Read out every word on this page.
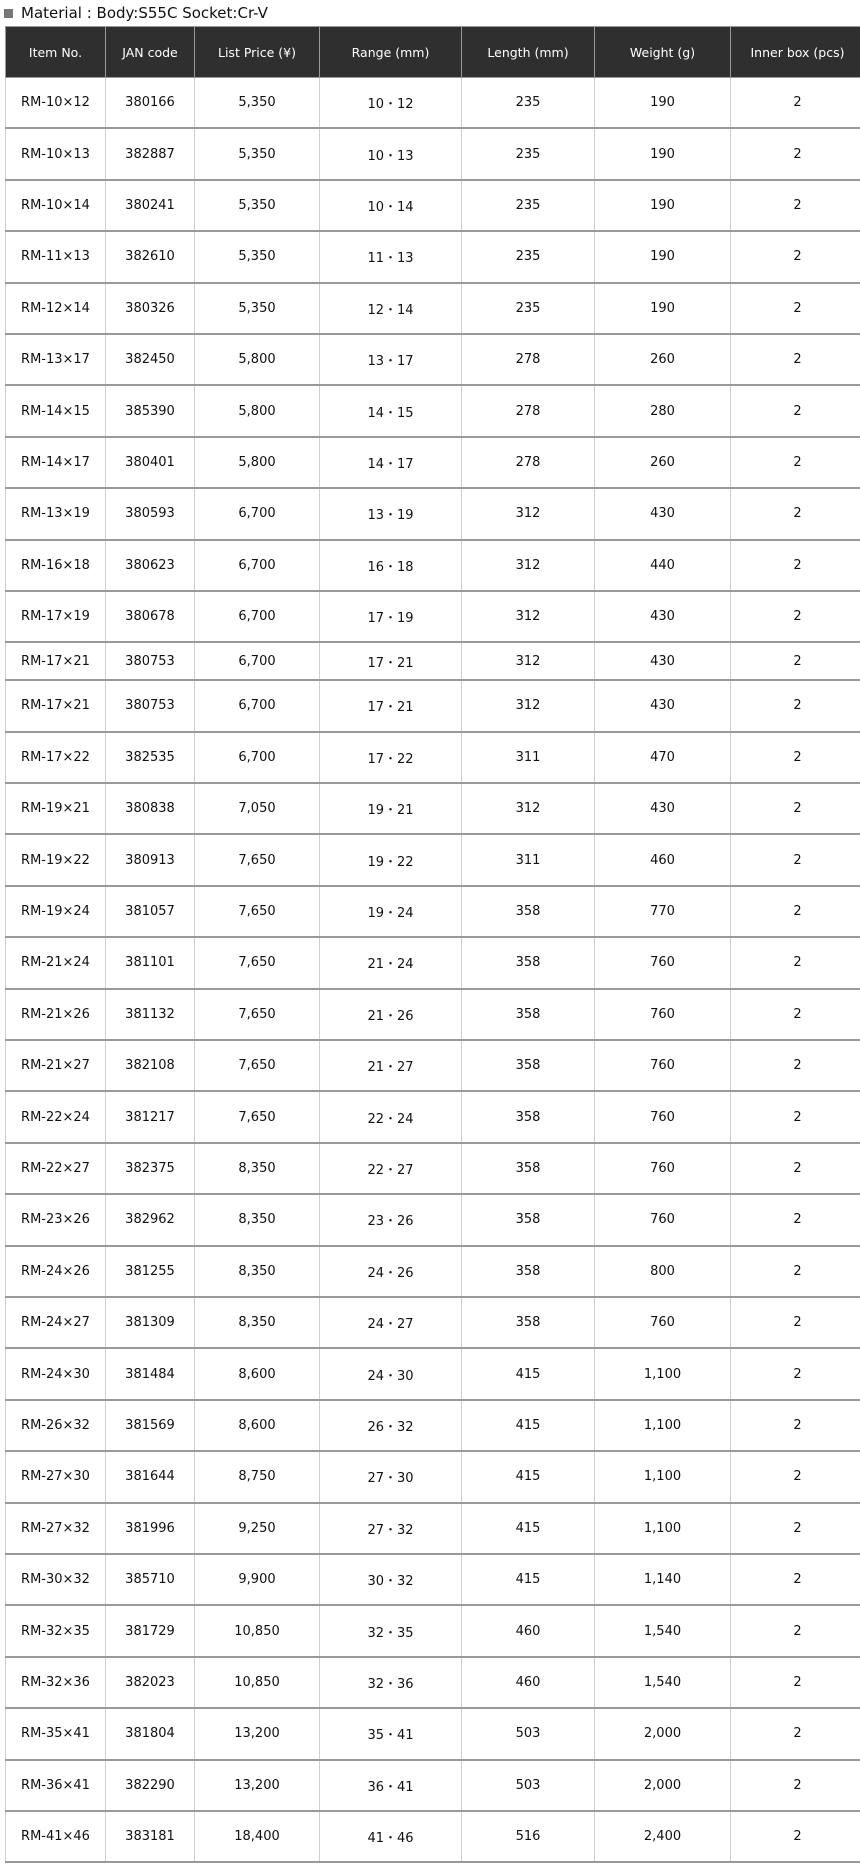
Material : Body:S55C Socket:Cr-V
Item No.	JAN code	List Price (¥)	Range (mm)	Length (mm)	Weight (g)	Inner box (pcs)
RM-10×12	380166	5,350	10・12	235	190	2
RM-10×13	382887	5,350	10・13	235	190	2
RM-10×14	380241	5,350	10・14	235	190	2
RM-11×13	382610	5,350	11・13	235	190	2
RM-12×14	380326	5,350	12・14	235	190	2
RM-13×17	382450	5,800	13・17	278	260	2
RM-14×15	385390	5,800	14・15	278	280	2
RM-14×17	380401	5,800	14・17	278	260	2
RM-13×19	380593	6,700	13・19	312	430	2
RM-16×18	380623	6,700	16・18	312	440	2
RM-17×19	380678	6,700	17・19	312	430	2
RM-17×21	380753	6,700	17・21	312	430	2
RM-17×21	380753	6,700	17・21	312	430	2
RM-17×22	382535	6,700	17・22	311	470	2
RM-19×21	380838	7,050	19・21	312	430	2
RM-19×22	380913	7,650	19・22	311	460	2
RM-19×24	381057	7,650	19・24	358	770	2
RM-21×24	381101	7,650	21・24	358	760	2
RM-21×26	381132	7,650	21・26	358	760	2
RM-21×27	382108	7,650	21・27	358	760	2
RM-22×24	381217	7,650	22・24	358	760	2
RM-22×27	382375	8,350	22・27	358	760	2
RM-23×26	382962	8,350	23・26	358	760	2
RM-24×26	381255	8,350	24・26	358	800	2
RM-24×27	381309	8,350	24・27	358	760	2
RM-24×30	381484	8,600	24・30	415	1,100	2
RM-26×32	381569	8,600	26・32	415	1,100	2
RM-27×30	381644	8,750	27・30	415	1,100	2
RM-27×32	381996	9,250	27・32	415	1,100	2
RM-30×32	385710	9,900	30・32	415	1,140	2
RM-32×35	381729	10,850	32・35	460	1,540	2
RM-32×36	382023	10,850	32・36	460	1,540	2
RM-35×41	381804	13,200	35・41	503	2,000	2
RM-36×41	382290	13,200	36・41	503	2,000	2
RM-41×46	383181	18,400	41・46	516	2,400	2
